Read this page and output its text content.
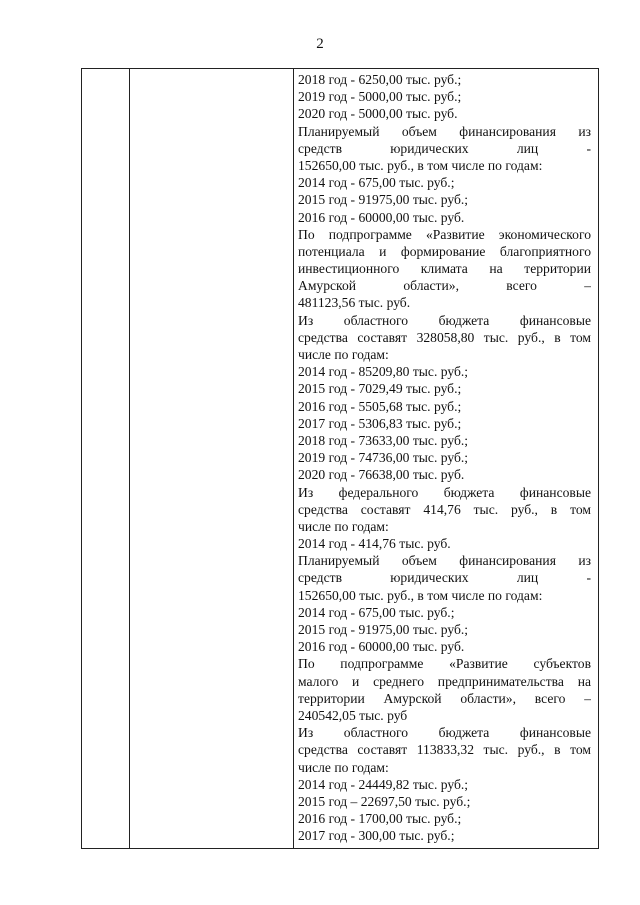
2
2018 год - 6250,00 тыс. руб.;
2019 год - 5000,00 тыс. руб.;
2020 год - 5000,00 тыс. руб.
Планируемый объем финансирования из
средств юридических лиц -
152650,00 тыс. руб., в том числе по годам:
2014 год - 675,00 тыс. руб.;
2015 год - 91975,00 тыс. руб.;
2016 год - 60000,00 тыс. руб.
По подпрограмме «Развитие экономического
потенциала и формирование благоприятного
инвестиционного климата на территории
Амурской области», всего –
481123,56 тыс. руб.
Из областного бюджета финансовые
средства составят 328058,80 тыс. руб., в том
числе по годам:
2014 год - 85209,80 тыс. руб.;
2015 год - 7029,49 тыс. руб.;
2016 год - 5505,68 тыс. руб.;
2017 год - 5306,83 тыс. руб.;
2018 год - 73633,00 тыс. руб.;
2019 год - 74736,00 тыс. руб.;
2020 год - 76638,00 тыс. руб.
Из федерального бюджета финансовые
средства составят 414,76 тыс. руб., в том
числе по годам:
2014 год - 414,76 тыс. руб.
Планируемый объем финансирования из
средств юридических лиц -
152650,00 тыс. руб., в том числе по годам:
2014 год - 675,00 тыс. руб.;
2015 год - 91975,00 тыс. руб.;
2016 год - 60000,00 тыс. руб.
По подпрограмме «Развитие субъектов
малого и среднего предпринимательства на
территории Амурской области», всего –
240542,05 тыс. руб
Из областного бюджета финансовые
средства составят 113833,32 тыс. руб., в том
числе по годам:
2014 год - 24449,82 тыс. руб.;
2015 год – 22697,50 тыс. руб.;
2016 год - 1700,00 тыс. руб.;
2017 год - 300,00 тыс. руб.;
